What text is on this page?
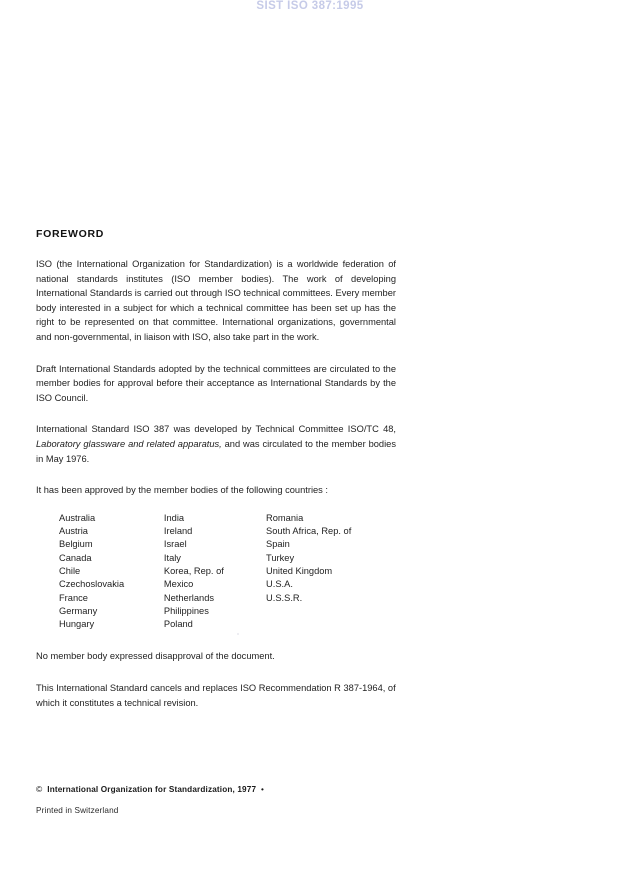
SIST ISO 387:1995
FOREWORD

ISO (the International Organization for Standardization) is a worldwide federation of national standards institutes (ISO member bodies). The work of developing International Standards is carried out through ISO technical committees. Every member body interested in a subject for which a technical committee has been set up has the right to be represented on that committee. International organizations, governmental and non-governmental, in liaison with ISO, also take part in the work.

Draft International Standards adopted by the technical committees are circulated to the member bodies for approval before their acceptance as International Standards by the ISO Council.

International Standard ISO 387 was developed by Technical Committee ISO/TC 48, Laboratory glassware and related apparatus, and was circulated to the member bodies in May 1976.

It has been approved by the member bodies of the following countries :

Australia
Austria
Belgium
Canada
Chile
Czechoslovakia
France
Germany
Hungary
India
Ireland
Israel
Italy
Korea, Rep. of
Mexico
Netherlands
Philippines
Poland
Romania
South Africa, Rep. of
Spain
Turkey
United Kingdom
U.S.A.
U.S.S.R.

No member body expressed disapproval of the document.

This International Standard cancels and replaces ISO Recommendation R 387-1964, of which it constitutes a technical revision.

© International Organization for Standardization, 1977 •
Printed in Switzerland
